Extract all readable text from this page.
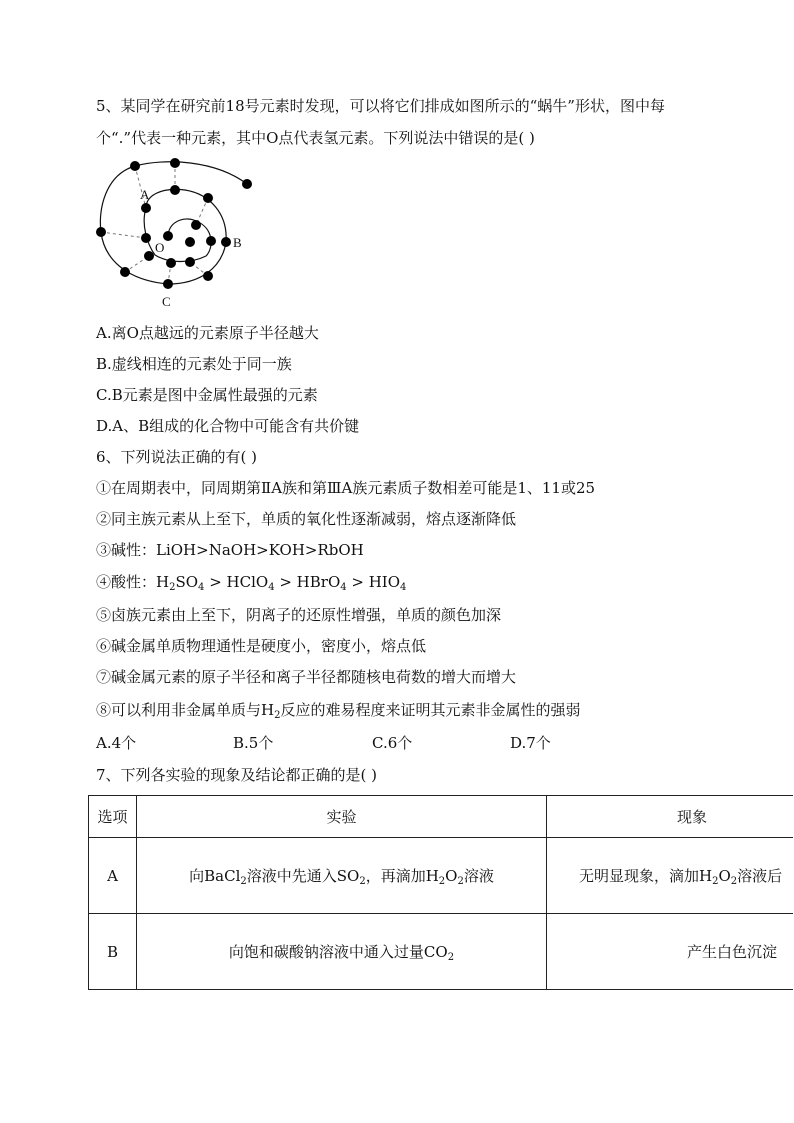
5、某同学在研究前18号元素时发现，可以将它们排成如图所示的“蜗牛”形状，图中每
个“.”代表一种元素，其中O点代表氢元素。下列说法中错误的是( )
A
B
C
O
A.离O点越远的元素原子半径越大
B.虚线相连的元素处于同一族
C.B元素是图中金属性最强的元素
D.A、B组成的化合物中可能含有共价键
6、下列说法正确的有( )
①在周期表中，同周期第ⅡA族和第ⅢA族元素质子数相差可能是1、11或25
②同主族元素从上至下，单质的氧化性逐渐减弱，熔点逐渐降低
③碱性：LiOH>NaOH>KOH>RbOH
④酸性：$H_2SO_4$ > HClO$_4$ > HBrO$_4$ > $HIO_4$
⑤卤族元素由上至下，阴离子的还原性增强，单质的颜色加深
⑥碱金属单质物理通性是硬度小，密度小，熔点低
⑦碱金属元素的原子半径和离子半径都随核电荷数的增大而增大
⑧可以利用非金属单质与$H_2$反应的难易程度来证明其元素非金属性的强弱
A.4个	B.5个	C.6个	D.7个
7、下列各实验的现象及结论都正确的是( )
选项	实验	现象

A	向BaCl$_2$溶液中先通入$SO_2$，再滴加$H_2O_2$溶液	无明显现象，滴加$H_2O_2$溶液后

B	向饱和碳酸钠溶液中通入过量$CO_2$	产生白色沉淀
